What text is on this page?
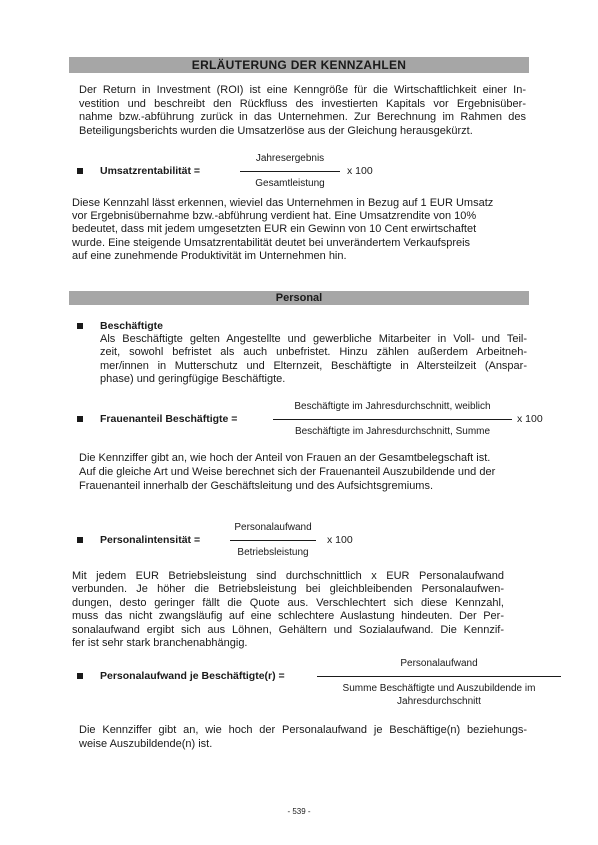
ERLÄUTERUNG DER KENNZAHLEN
Der Return in Investment (ROI) ist eine Kenngröße für die Wirtschaftlichkeit einer In-
vestition und beschreibt den Rückfluss des investierten Kapitals vor Ergebnisüber-
nahme bzw.-abführung zurück in das Unternehmen. Zur Berechnung im Rahmen des
Beteiligungsberichts wurden die Umsatzerlöse aus der Gleichung herausgekürzt.
Umsatzrentabilität =
Jahresergebnis
Gesamtleistung
x 100
Diese Kennzahl lässt erkennen, wieviel das Unternehmen in Bezug auf 1 EUR Umsatz
vor Ergebnisübernahme bzw.-abführung verdient hat. Eine Umsatzrendite von 10%
bedeutet, dass mit jedem umgesetzten EUR ein Gewinn von 10 Cent erwirtschaftet
wurde. Eine steigende Umsatzrentabilität deutet bei unverändertem Verkaufspreis
auf eine zunehmende Produktivität im Unternehmen hin.
Personal
Beschäftigte
Als Beschäftigte gelten Angestellte und gewerbliche Mitarbeiter in Voll- und Teil-
zeit, sowohl befristet als auch unbefristet. Hinzu zählen außerdem Arbeitneh-
mer/innen in Mutterschutz und Elternzeit, Beschäftigte in Altersteilzeit (Anspar-
phase) und geringfügige Beschäftigte.
Frauenanteil Beschäftigte =
Beschäftigte im Jahresdurchschnitt, weiblich
Beschäftigte im Jahresdurchschnitt, Summe
x 100
Die Kennziffer gibt an, wie hoch der Anteil von Frauen an der Gesamtbelegschaft ist.
Auf die gleiche Art und Weise berechnet sich der Frauenanteil Auszubildende und der
Frauenanteil innerhalb der Geschäftsleitung und des Aufsichtsgremiums.
Personalintensität =
Personalaufwand
Betriebsleistung
x 100
Mit jedem EUR Betriebsleistung sind durchschnittlich x EUR Personalaufwand
verbunden. Je höher die Betriebsleistung bei gleichbleibenden Personalaufwen-
dungen, desto geringer fällt die Quote aus. Verschlechtert sich diese Kennzahl,
muss das nicht zwangsläufig auf eine schlechtere Auslastung hindeuten. Der Per-
sonalaufwand ergibt sich aus Löhnen, Gehältern und Sozialaufwand. Die Kennzif-
fer ist sehr stark branchenabhängig.
Personalaufwand je Beschäftigte(r) =
Personalaufwand
Summe Beschäftigte und Auszubildende im
Jahresdurchschnitt
Die Kennziffer gibt an, wie hoch der Personalaufwand je Beschäftige(n) beziehungs-
weise Auszubildende(n) ist.
- 539 -
